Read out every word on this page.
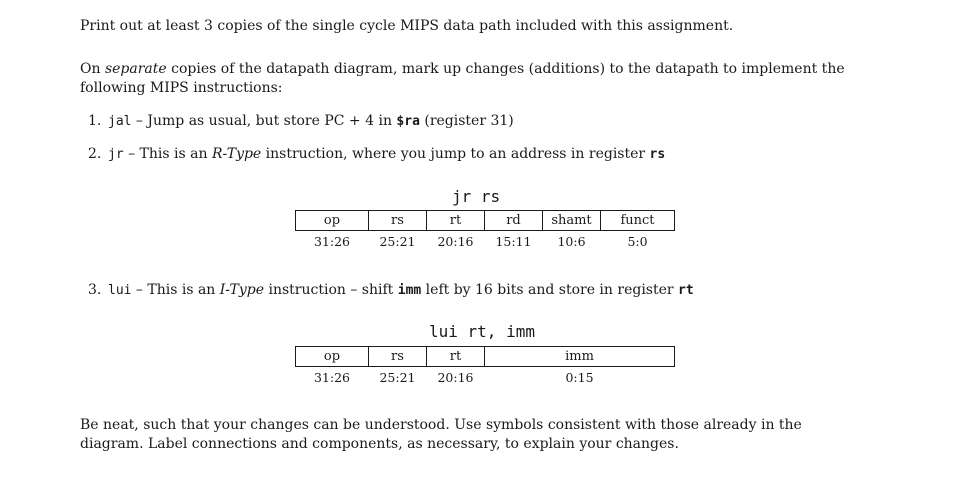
Print out at least 3 copies of the single cycle MIPS data path included with this assignment.
On separate copies of the datapath diagram, mark up changes (additions) to the datapath to implement the
following MIPS instructions:
1. jal – Jump as usual, but store PC + 4 in $ra (register 31)
2. jr – This is an R-Type instruction, where you jump to an address in register rs
jr rs
op	rs	rt	rd	shamt	funct
31:26	25:21	20:16	15:11	10:6	5:0
3. lui – This is an I-Type instruction – shift imm left by 16 bits and store in register rt
lui rt, imm
op	rs	rt	imm
31:26	25:21	20:16	0:15
Be neat, such that your changes can be understood. Use symbols consistent with those already in the
diagram. Label connections and components, as necessary, to explain your changes.
